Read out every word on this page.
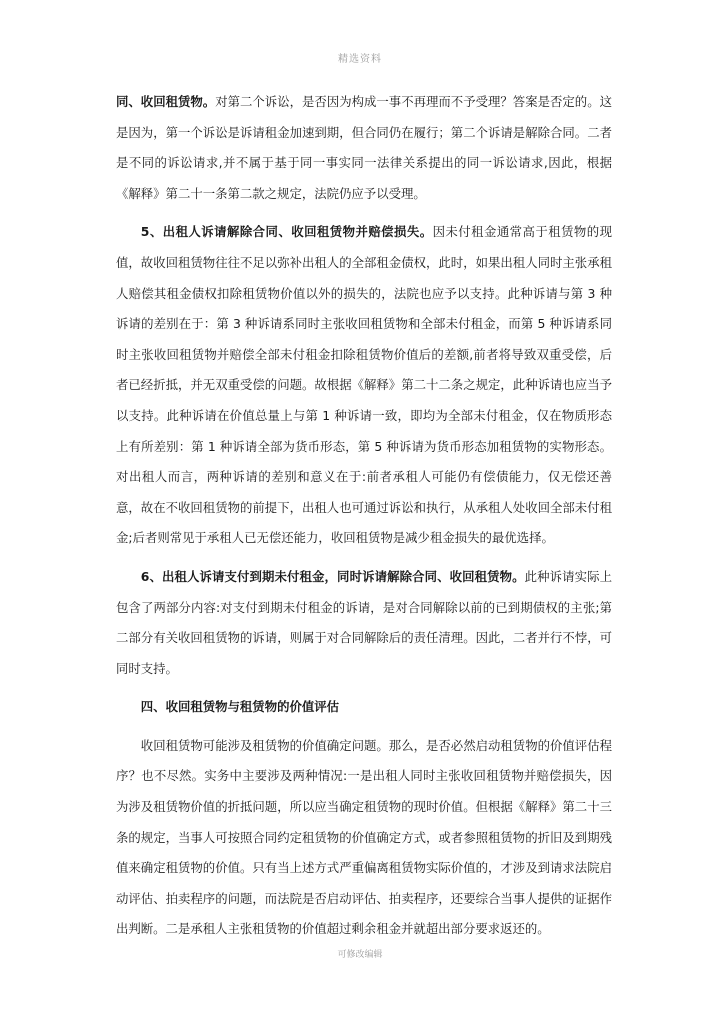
精选资料

同、收回租赁物。对第二个诉讼，是否因为构成一事不再理而不予受理？答案是否定的。这是因为，第一个诉讼是诉请租金加速到期，但合同仍在履行；第二个诉请是解除合同。二者是不同的诉讼请求,并不属于基于同一事实同一法律关系提出的同一诉讼请求,因此，根据《解释》第二十一条第二款之规定，法院仍应予以受理。

5、出租人诉请解除合同、收回租赁物并赔偿损失。因未付租金通常高于租赁物的现值，故收回租赁物往往不足以弥补出租人的全部租金债权，此时，如果出租人同时主张承租人赔偿其租金债权扣除租赁物价值以外的损失的，法院也应予以支持。此种诉请与第 3 种诉请的差别在于：第 3 种诉请系同时主张收回租赁物和全部未付租金，而第 5 种诉请系同时主张收回租赁物并赔偿全部未付租金扣除租赁物价值后的差额,前者将导致双重受偿，后者已经折抵，并无双重受偿的问题。故根据《解释》第二十二条之规定，此种诉请也应当予以支持。此种诉请在价值总量上与第 1 种诉请一致，即均为全部未付租金，仅在物质形态上有所差别：第 1 种诉请全部为货币形态，第 5 种诉请为货币形态加租赁物的实物形态。对出租人而言，两种诉请的差别和意义在于:前者承租人可能仍有偿债能力，仅无偿还善意，故在不收回租赁物的前提下，出租人也可通过诉讼和执行，从承租人处收回全部未付租金;后者则常见于承租人已无偿还能力，收回租赁物是减少租金损失的最优选择。

6、出租人诉请支付到期未付租金，同时诉请解除合同、收回租赁物。此种诉请实际上包含了两部分内容:对支付到期未付租金的诉请，是对合同解除以前的已到期债权的主张;第二部分有关收回租赁物的诉请，则属于对合同解除后的责任清理。因此，二者并行不悖，可同时支持。

四、收回租赁物与租赁物的价值评估

收回租赁物可能涉及租赁物的价值确定问题。那么，是否必然启动租赁物的价值评估程序？也不尽然。实务中主要涉及两种情况:一是出租人同时主张收回租赁物并赔偿损失，因为涉及租赁物价值的折抵问题，所以应当确定租赁物的现时价值。但根据《解释》第二十三条的规定，当事人可按照合同约定租赁物的价值确定方式，或者参照租赁物的折旧及到期残值来确定租赁物的价值。只有当上述方式严重偏离租赁物实际价值的，才涉及到请求法院启动评估、拍卖程序的问题，而法院是否启动评估、拍卖程序，还要综合当事人提供的证据作出判断。二是承租人主张租赁物的价值超过剩余租金并就超出部分要求返还的。

可修改编辑
